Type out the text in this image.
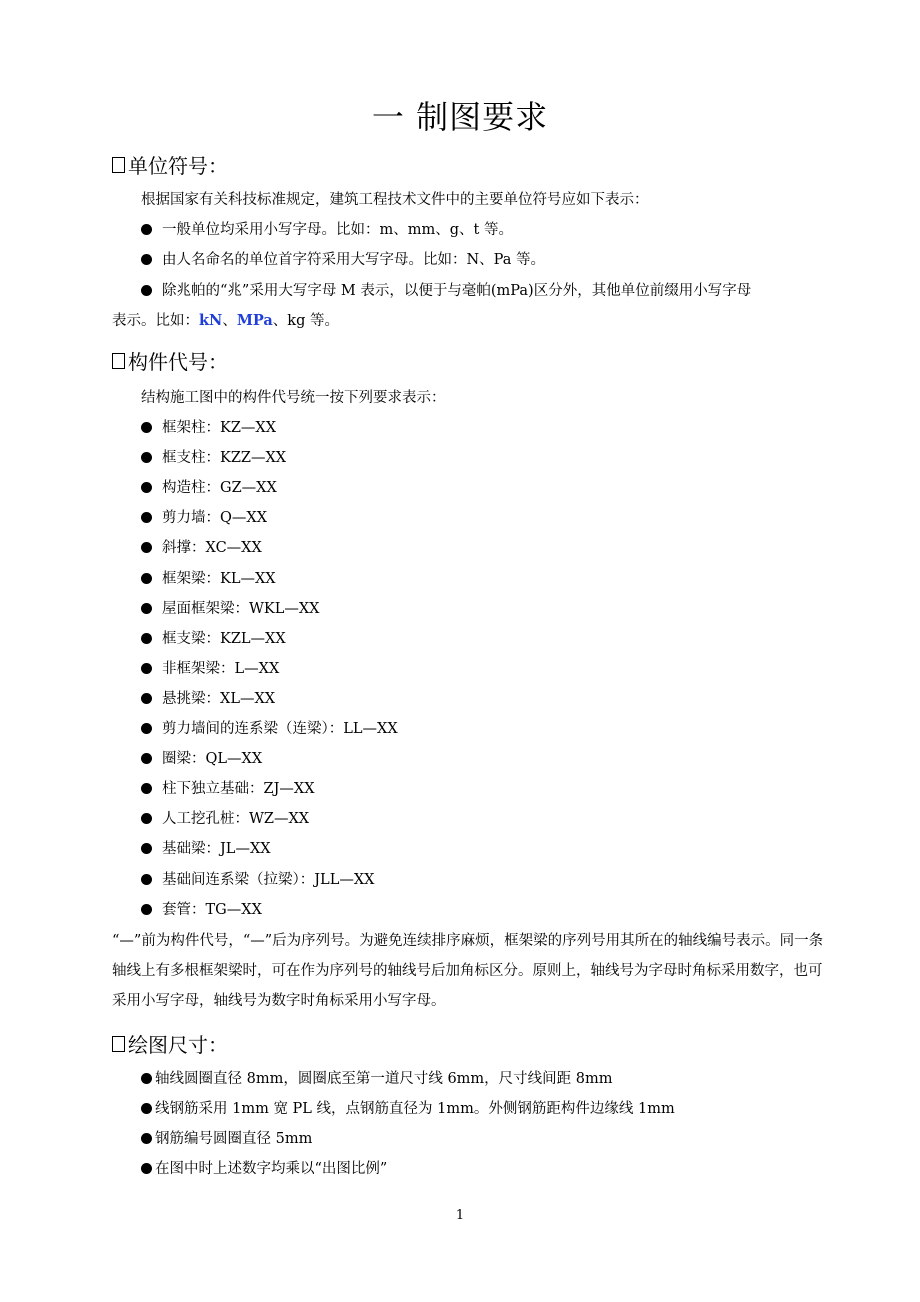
一 制图要求
单位符号：
根据国家有关科技标准规定，建筑工程技术文件中的主要单位符号应如下表示：
一般单位均采用小写字母。比如：m、mm、g、t 等。
由人名命名的单位首字符采用大写字母。比如：N、Pa 等。
除兆帕的“兆”采用大写字母 M 表示，以便于与毫帕(mPa)区分外，其他单位前缀用小写字母
表示。比如：kN、MPa、kg 等。
构件代号：
结构施工图中的构件代号统一按下列要求表示：
框架柱：KZ—XX
框支柱：KZZ—XX
构造柱：GZ—XX
剪力墙：Q—XX
斜撑：XC—XX
框架梁：KL—XX
屋面框架梁：WKL—XX
框支梁：KZL—XX
非框架梁：L—XX
悬挑梁：XL—XX
剪力墙间的连系梁（连梁）：LL—XX
圈梁：QL—XX
柱下独立基础：ZJ—XX
人工挖孔桩：WZ—XX
基础梁：JL—XX
基础间连系梁（拉梁）：JLL—XX
套管：TG—XX
“—”前为构件代号，“—”后为序列号。为避免连续排序麻烦，框架梁的序列号用其所在的轴线编号表示。同一条轴线上有多根框架梁时，可在作为序列号的轴线号后加角标区分。原则上，轴线号为字母时角标采用数字，也可采用小写字母，轴线号为数字时角标采用小写字母。
绘图尺寸：
轴线圆圈直径 8mm，圆圈底至第一道尺寸线 6mm，尺寸线间距 8mm
线钢筋采用 1mm 宽 PL 线，点钢筋直径为 1mm。外侧钢筋距构件边缘线 1mm
钢筋编号圆圈直径 5mm
在图中时上述数字均乘以“出图比例”
1
